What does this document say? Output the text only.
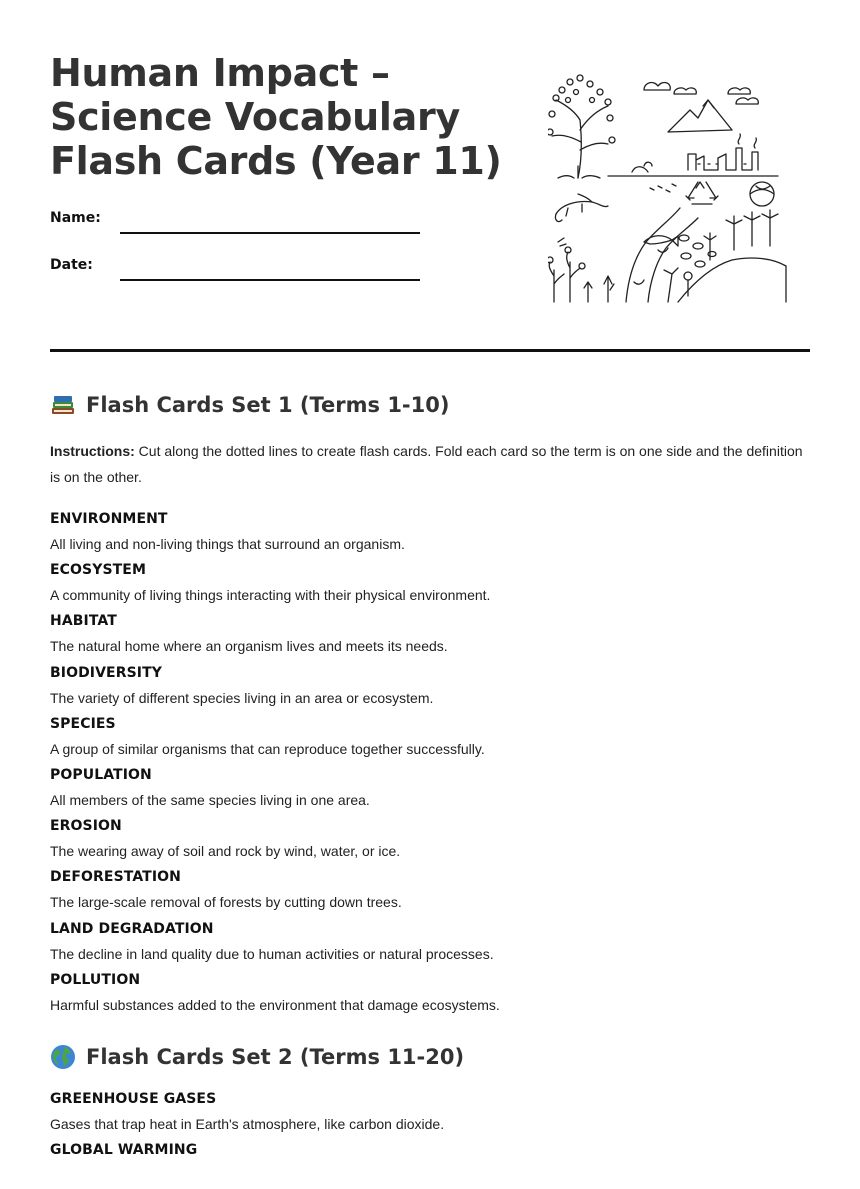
Human Impact – Science Vocabulary Flash Cards (Year 11)
Name:
Date:
Flash Cards Set 1 (Terms 1-10)

Instructions: Cut along the dotted lines to create flash cards. Fold each card so the term is on one side and the definition is on the other.

ENVIRONMENT
All living and non-living things that surround an organism.
ECOSYSTEM
A community of living things interacting with their physical environment.
HABITAT
The natural home where an organism lives and meets its needs.
BIODIVERSITY
The variety of different species living in an area or ecosystem.
SPECIES
A group of similar organisms that can reproduce together successfully.
POPULATION
All members of the same species living in one area.
EROSION
The wearing away of soil and rock by wind, water, or ice.
DEFORESTATION
The large-scale removal of forests by cutting down trees.
LAND DEGRADATION
The decline in land quality due to human activities or natural processes.
POLLUTION
Harmful substances added to the environment that damage ecosystems.
Flash Cards Set 2 (Terms 11-20)
GREENHOUSE GASES
Gases that trap heat in Earth's atmosphere, like carbon dioxide.
GLOBAL WARMING
